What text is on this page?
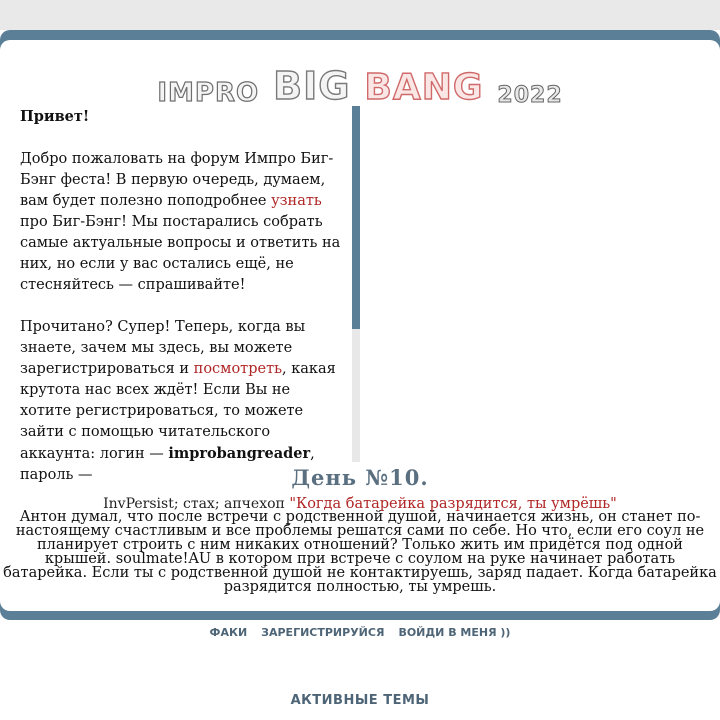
IMPRO BIG BANG 2022

Привет!

Добро пожаловать на форум Импро Биг-Бэнг феста! В первую очередь, думаем, вам будет полезно поподробнее узнать про Биг-Бэнг! Мы постарались собрать самые актуальные вопросы и ответить на них, но если у вас остались ещё, не стесняйтесь — спрашивайте!

Прочитано? Супер! Теперь, когда вы знаете, зачем мы здесь, вы можете зарегистрироваться и посмотреть, какая крутота нас всех ждёт! Если Вы не хотите регистрироваться, то можете зайти с помощью читательского аккаунта: логин — improbangreader, пароль —	День №10.
InvPersist; стах; апчехоп "Когда батарейка разрядится, ты умрёшь"
Антон думал, что после встречи с родственной душой, начинается жизнь, он станет по-настоящему счастливым и все проблемы решатся сами по себе. Но что, если его соул не планирует строить с ним никаких отношений? Только жить им придётся под одной крышей. soulmate!AU в котором при встрече с соулом на руке начинает работать батарейка. Если ты с родственной душой не контактируешь, заряд падает. Когда батарейка разрядится полностью, ты умрешь.
ФАКИ ЗАРЕГИСТРИРУЙСЯ ВОЙДИ В МЕНЯ ))
АКТИВНЫЕ ТЕМЫ
